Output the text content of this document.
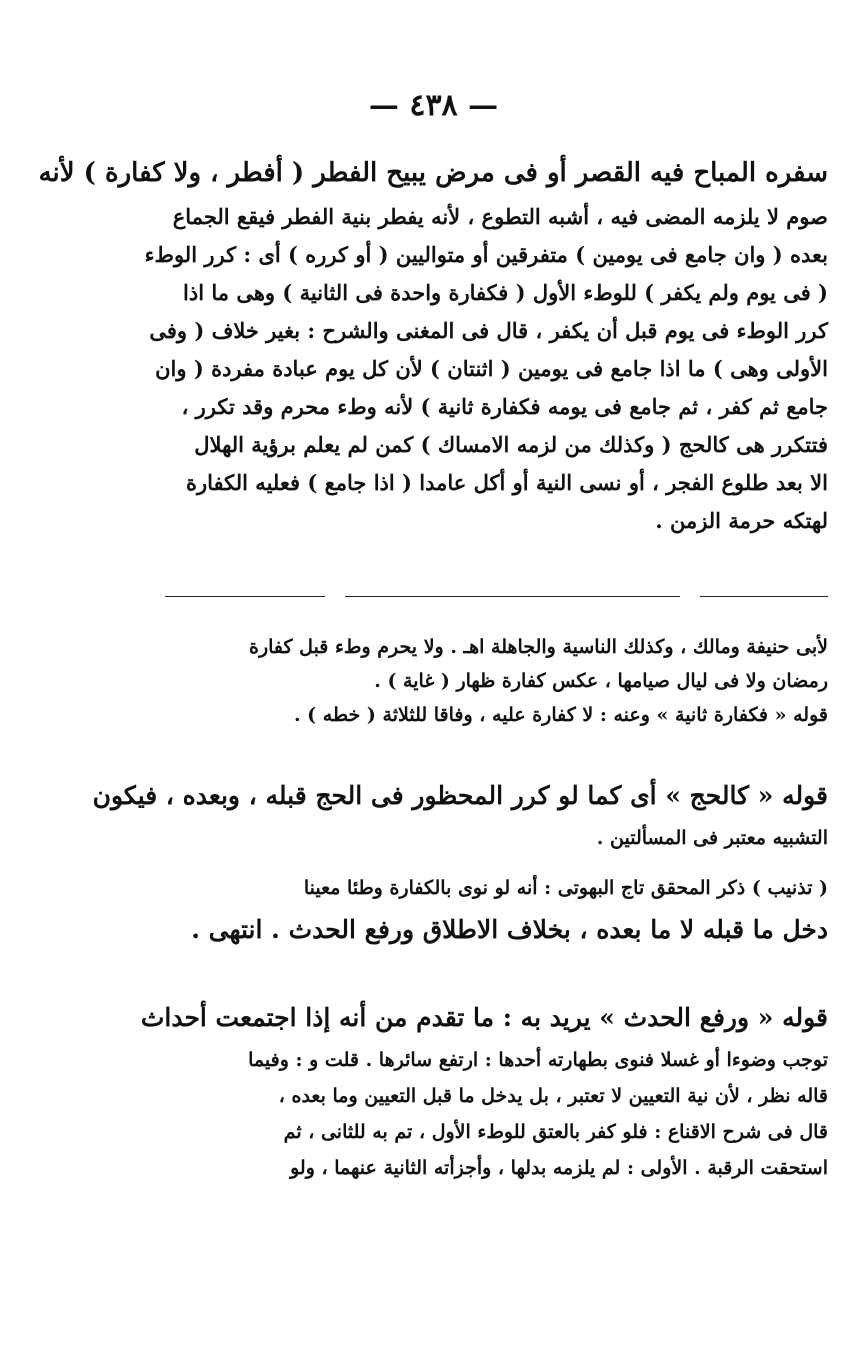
— ٤٣٨ —
سفره المباح فيه القصر أو فى مرض يبيح الفطر ( أفطر ، ولا كفارة ) لأنه
صوم لا يلزمه المضى فيه ، أشبه التطوع ، لأنه يفطر بنية الفطر فيقع الجماع
بعده ( وان جامع فى يومين ) متفرقين أو متواليين ( أو كرره ) أى : كرر الوطء
( فى يوم ولم يكفر ) للوطء الأول ( فكفارة واحدة فى الثانية ) وهى ما اذا
كرر الوطء فى يوم قبل أن يكفر ، قال فى المغنى والشرح : بغير خلاف ( وفى
الأولى وهى ) ما اذا جامع فى يومين ( اثنتان ) لأن كل يوم عبادة مفردة ( وان
جامع ثم كفر ، ثم جامع فى يومه فكفارة ثانية ) لأنه وطء محرم وقد تكرر ،
فتتكرر هى كالحج ( وكذلك من لزمه الامساك ) كمن لم يعلم برؤية الهلال
الا بعد طلوع الفجر ، أو نسى النية أو أكل عامدا ( اذا جامع ) فعليه الكفارة
لهتكه حرمة الزمن .
لأبى حنيفة ومالك ، وكذلك الناسية والجاهلة اهـ . ولا يحرم وطء قبل كفارة
رمضان ولا فى ليال صيامها ، عكس كفارة ظهار ( غاية ) .
قوله « فكفارة ثانية » وعنه : لا كفارة عليه ، وفاقا للثلاثة ( خطه ) .
قوله « كالحج » أى كما لو كرر المحظور فى الحج قبله ، وبعده ، فيكون
التشبيه معتبر فى المسألتين .
( تذنيب ) ذكر المحقق تاج البهوتى : أنه لو نوى بالكفارة وطئا معينا
دخل ما قبله لا ما بعده ، بخلاف الاطلاق ورفع الحدث . انتهى .
قوله « ورفع الحدث » يريد به : ما تقدم من أنه إذا اجتمعت أحداث
توجب وضوءا أو غسلا فنوى بطهارته أحدها : ارتفع سائرها . قلت و : وفيما
قاله نظر ، لأن نية التعيين لا تعتبر ، بل يدخل ما قبل التعيين وما بعده ،
قال فى شرح الاقناع : فلو كفر بالعتق للوطء الأول ، تم به للثانى ، ثم
استحقت الرقبة . الأولى : لم يلزمه بدلها ، وأجزأته الثانية عنهما ، ولو
